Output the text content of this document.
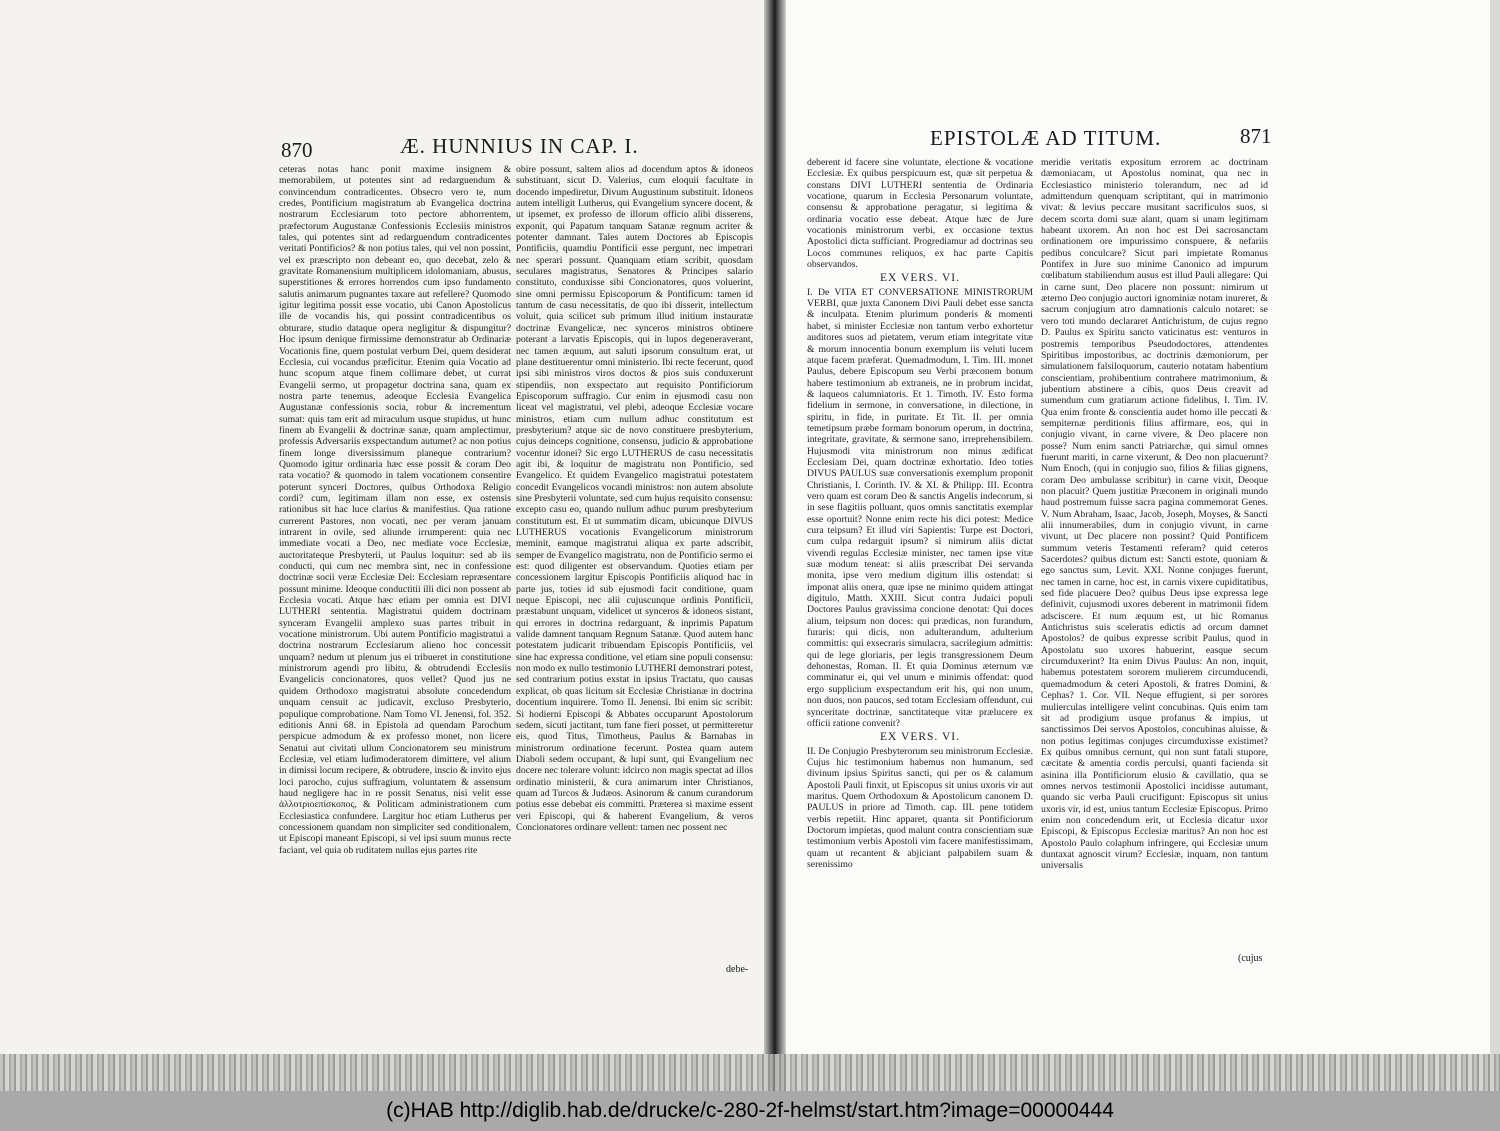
870	Æ. HUNNIUS IN CAP. I.

ceteras notas hanc ponit maxime insignem & memorabilem, ut potentes sint ad redarguendum & convincendum contradicentes. Obsecro vero te, num credes, Pontificium magistratum ab Evangelica doctrina nostrarum Ecclesiarum toto pectore abhorrentem, præfectorum Augustanæ Confessionis Ecclesiis ministros tales, qui potentes sint ad redarguendum contradicentes veritati Pontificios? & non potius tales, qui vel non possint, vel ex præscripto non debeant eo, quo decebat, zelo & gravitate Romanensium multiplicem idolomaniam, abusus, superstitiones & errores horrendos cum ipso fundamento salutis animarum pugnantes taxare aut refellere? Quomodo igitur legitima possit esse vocatio, ubi Canon Apostolicus ille de vocandis his, qui possint contradicentibus os obturare, studio dataque opera negligitur & dispungitur? Hoc ipsum denique firmissime demonstratur ab Ordinariæ Vocationis fine, quem postulat verbum Dei, quem desiderat Ecclesia, cui vocandus præficitur. Etenim quia Vocatio ad hunc scopum atque finem collimare debet, ut currat Evangelii sermo, ut propagetur doctrina sana, quam ex nostra parte tenemus, adeoque Ecclesia Evangelica Augustanæ confessionis socia, robur & incrementum sumat: quis tam erit ad miraculum usque stupidus, ut hunc finem ab Evangelii & doctrinæ sanæ, quam amplectimur, professis Adversariis exspectandum autumet? ac non potius finem longe diversissimum planeque contrarium? Quomodo igitur ordinaria hæc esse possit & coram Deo rata vocatio? & quomodo in talem vocationem consentire poterunt synceri Doctores, quibus Orthodoxa Religio cordi? cum, legitimam illam non esse, ex ostensis rationibus sit hac luce clarius & manifestius. Qua ratione currerent Pastores, non vocati, nec per veram januam intrarent in ovile, sed aliunde irrumperent: quia nec immediate vocati a Deo, nec mediate voce Ecclesiæ, auctoritateque Presbyterii, ut Paulus loquitur: sed ab iis conducti, qui cum nec membra sint, nec in confessione doctrinæ socii veræ Ecclesiæ Dei: Ecclesiam repræsentare possunt minime. Ideoque conductitii illi dici non possent ab Ecclesia vocati. Atque hæc etiam per omnia est DIVI LUTHERI sententia. Magistratui quidem doctrinam synceram Evangelii amplexo suas partes tribuit in vocatione ministrorum. Ubi autem Pontificio magistratui a doctrina nostrarum Ecclesiarum alieno hoc concessit unquam? nedum ut plenum jus ei tribueret in constitutione ministrorum agendi pro libitu, & obtrudendi Ecclesiis Evangelicis concionatores, quos vellet? Quod jus ne quidem Orthodoxo magistratui absolute concedendum unquam censuit ac judicavit, excluso Presbyterio, populique comprobatione. Nam Tomo VI. Jenensi, fol. 352. editionis Anni 68. in Epistola ad quendam Parochum perspicue admodum & ex professo monet, non licere Senatui aut civitati ullum Concionatorem seu ministrum Ecclesiæ, vel etiam ludimoderatorem dimittere, vel alium in dimissi locum recipere, & obtrudere, inscio & invito ejus loci parocho, cujus suffragium, voluntatem & assensum haud negligere hac in re possit Senatus, nisi velit esse ἀλλοτριοεπίσκοπος, & Politicam administrationem cum Ecclesiastica confundere. Largitur hoc etiam Lutherus per concessionem quandam non simpliciter sed conditionalem, ut Episcopi maneant Episcopi, si vel ipsi suum munus recte faciant, vel quia ob ruditatem nullas ejus partes rite

obire possunt, saltem alios ad docendum aptos & idoneos substituant, sicut D. Valerius, cum eloquii facultate in docendo impediretur, Divum Augustinum substituit. Idoneos autem intelligit Lutherus, qui Evangelium syncere docent, & ut ipsemet, ex professo de illorum officio alibi disserens, exponit, qui Papatum tanquam Satanæ regnum acriter & potenter damnant. Tales autem Doctores ab Episcopis Pontificiis, quamdiu Pontificii esse pergunt, nec impetrari nec sperari possunt. Quanquam etiam scribit, quosdam seculares magistratus, Senatores & Principes salario constituto, conduxisse sibi Concionatores, quos voluerint, sine omni permissu Episcoporum & Pontificum: tamen id tantum de casu necessitatis, de quo ibi disserit, intellectum voluit, quia scilicet sub primum illud initium instauratæ doctrinæ Evangelicæ, nec synceros ministros obtinere poterant a larvatis Episcopis, qui in lupos degeneraverant, nec tamen æquum, aut saluti ipsorum consultum erat, ut plane destituerentur omni ministerio. Ibi recte fecerunt, quod ipsi sibi ministros viros doctos & pios suis conduxerunt stipendiis, non exspectato aut requisito Pontificiorum Episcoporum suffragio. Cur enim in ejusmodi casu non liceat vel magistratui, vel plebi, adeoque Ecclesiæ vocare ministros, etiam cum nullum adhuc constitutum est presbyterium? atque sic de novo constituere presbyterium, cujus deinceps cognitione, consensu, judicio & approbatione vocentur idonei? Sic ergo LUTHERUS de casu necessitatis agit ibi, & loquitur de magistratu non Pontificio, sed Evangelico. Et quidem Evangelico magistratui potestatem concedit Evangelicos vocandi ministros: non autem absolute sine Presbyterii voluntate, sed cum hujus requisito consensu: excepto casu eo, quando nullum adhuc purum presbyterium constitutum est. Et ut summatim dicam, ubicunque DIVUS LUTHERUS vocationis Evangelicorum ministrorum meminit, eamque magistratui aliqua ex parte adscribit, semper de Evangelico magistratu, non de Pontificio sermo ei est: quod diligenter est observandum. Quoties etiam per concessionem largitur Episcopis Pontificiis aliquod hac in parte jus, toties id sub ejusmodi facit conditione, quam neque Episcopi, nec alii cujuscunque ordinis Pontificii, præstabunt unquam, videlicet ut synceros & idoneos sistant, qui errores in doctrina redarguant, & inprimis Papatum valide damnent tanquam Regnum Satanæ. Quod autem hanc potestatem judicarit tribuendam Episcopis Pontificiis, vel sine hac expressa conditione, vel etiam sine populi consensu: non modo ex nullo testimonio LUTHERI demonstrari potest, sed contrarium potius exstat in ipsius Tractatu, quo causas explicat, ob quas licitum sit Ecclesiæ Christianæ in doctrina docentium inquirere. Tomo II. Jenensi. Ibi enim sic scribit: Si hodierni Episcopi & Abbates occuparunt Apostolorum sedem, sicuti jactitant, tum fane fieri posset, ut permitteretur eis, quod Titus, Timotheus, Paulus & Barnabas in ministrorum ordinatione fecerunt. Postea quam autem Diaboli sedem occupant, & lupi sunt, qui Evangelium nec docere nec tolerare volunt: idcirco non magis spectat ad illos ordinatio ministerii, & cura animarum inter Christianos, quam ad Turcos & Judæos. Asinorum & canum curandorum potius esse debebat eis committi. Præterea si maxime essent veri Episcopi, qui & haberent Evangelium, & veros Concionatores ordinare vellent: tamen nec possent nec

debe-
EPISTOLÆ AD TITUM.	871

deberent id facere sine voluntate, electione & vocatione Ecclesiæ. Ex quibus perspicuum est, quæ sit perpetua & constans DIVI LUTHERI sententia de Ordinaria vocatione, quarum in Ecclesia Personarum voluntate, consensu & approbatione peragatur, si legitima & ordinaria vocatio esse debeat. Atque hæc de Jure vocationis ministrorum verbi, ex occasione textus Apostolici dicta sufficiant. Progrediamur ad doctrinas seu Locos communes reliquos, ex hac parte Capitis observandos.

EX VERS. VI.

I. De VITA ET CONVERSATIONE MINISTRORUM VERBI, quæ juxta Canonem Divi Pauli debet esse sancta & inculpata. Etenim plurimum ponderis & momenti habet, si minister Ecclesiæ non tantum verbo exhortetur auditores suos ad pietatem, verum etiam integritate vitæ & morum innocentia bonum exemplum iis veluti lucem atque facem præferat. Quemadmodum, I. Tim. III. monet Paulus, debere Episcopum seu Verbi præconem bonum habere testimonium ab extraneis, ne in probrum incidat, & laqueos calumniatoris. Et 1. Timoth. IV. Esto forma fidelium in sermone, in conversatione, in dilectione, in spiritu, in fide, in puritate. Et Tit. II. per omnia temetipsum præbe formam bonorum operum, in doctrina, integritate, gravitate, & sermone sano, irreprehensibilem. Hujusmodi vita ministrorum non minus ædificat Ecclesiam Dei, quam doctrinæ exhortatio. Ideo toties DIVUS PAULUS suæ conversationis exemplum proponit Christianis, I. Corinth. IV. & XI. & Philipp. III. Econtra vero quam est coram Deo & sanctis Angelis indecorum, si in sese flagitiis polluant, quos omnis sanctitatis exemplar esse oportuit? Nonne enim recte his dici potest: Medice cura teipsum? Et illud viri Sapientis: Turpe est Doctori, cum culpa redarguit ipsum? si nimirum aliis dictat vivendi regulas Ecclesiæ minister, nec tamen ipse vitæ suæ modum teneat: si aliis præscribat Dei servanda monita, ipse vero medium digitum illis ostendat: si imponat aliis onera, quæ ipse ne minimo quidem attingat digitulo, Matth. XXIII. Sicut contra Judaici populi Doctores Paulus gravissima concione denotat: Qui doces alium, teipsum non doces: qui prædicas, non furandum, furaris: qui dicis, non adulterandum, adulterium committis: qui exsecraris simulacra, sacrilegium admittis: qui de lege gloriaris, per legis transgressionem Deum dehonestas, Roman. II. Et quia Dominus æternum væ comminatur ei, qui vel unum e minimis offendat: quod ergo supplicium exspectandum erit his, qui non unum, non duos, non paucos, sed totam Ecclesiam offendunt, cui synceritate doctrinæ, sanctitateque vitæ prælucere ex officii ratione convenit?

EX VERS. VI.

II. De Conjugio Presbyterorum seu ministrorum Ecclesiæ. Cujus hic testimonium habemus non humanum, sed divinum ipsius Spiritus sancti, qui per os & calamum Apostoli Pauli finxit, ut Episcopus sit unius uxoris vir aut maritus. Quem Orthodoxum & Apostolicum canonem D. PAULUS in priore ad Timoth. cap. III. pene totidem verbis repetiit. Hinc apparet, quanta sit Pontificiorum Doctorum impietas, quod malunt contra conscientiam suæ testimonium verbis Apostoli vim facere manifestissimam, quam ut recantent & abjiciant palpabilem suam & serenissimo

meridie veritatis expositum errorem ac doctrinam dæmoniacam, ut Apostolus nominat, qua nec in Ecclesiastico ministerio tolerandum, nec ad id admittendum quenquam scriptitant, qui in matrimonio vivat: & levius peccare musitant sacrificulos suos, si decem scorta domi suæ alant, quam si unam legitimam habeant uxorem. An non hoc est Dei sacrosanctam ordinationem ore impurissimo conspuere, & nefariis pedibus conculcare? Sicut pari impietate Romanus Pontifex in Jure suo minime Canonico ad impurum cœlibatum stabiliendum ausus est illud Pauli allegare: Qui in carne sunt, Deo placere non possunt: nimirum ut æterno Deo conjugio auctori ignominiæ notam inureret, & sacrum conjugium atro damnationis calculo notaret: se vero toti mundo declararet Antichristum, de cujus regno D. Paulus ex Spiritu sancto vaticinatus est: venturos in postremis temporibus Pseudodoctores, attendentes Spiritibus impostoribus, ac doctrinis dæmoniorum, per simulationem falsiloquorum, cauterio notatam habentium conscientiam, prohibentium contrahere matrimonium, & jubentium abstinere a cibis, quos Deus creavit ad sumendum cum gratiarum actione fidelibus, I. Tim. IV. Qua enim fronte & conscientia audet homo ille peccati & sempiternæ perditionis filius affirmare, eos, qui in conjugio vivant, in carne vivere, & Deo placere non posse? Num enim sancti Patriarchæ, qui simul omnes fuerunt mariti, in carne vixerunt, & Deo non placuerunt? Num Enoch, (qui in conjugio suo, filios & filias gignens, coram Deo ambulasse scribitur) in carne vixit, Deoque non placuit? Quem justitiæ Præconem in originali mundo haud postremum fuisse sacra pagina commemorat Genes. V. Num Abraham, Isaac, Jacob, Joseph, Moyses, & Sancti alii innumerabiles, dum in conjugio vivunt, in carne vivunt, ut Dec placere non possint? Quid Pontificem summum veteris Testamenti referam? quid ceteros Sacerdotes? quibus dictum est: Sancti estote, quoniam & ego sanctus sum, Levit. XXI. Nonne conjuges fuerunt, nec tamen in carne, hoc est, in carnis vixere cupiditatibus, sed fide placuere Deo? quibus Deus ipse expressa lege definivit, cujusmodi uxores deberent in matrimonii fidem adsciscere. Et num æquum est, ut hic Romanus Antichristus suis sceleratis edictis ad orcum damnet Apostolos? de quibus expresse scribit Paulus, quod in Apostolatu suo uxores habuerint, easque secum circumduxerint? Ita enim Divus Paulus: An non, inquit, habemus potestatem sororem mulierem circumducendi, quemadmodum & ceteri Apostoli, & fratres Domini, & Cephas? 1. Cor. VII. Neque effugient, si per sorores mulierculas intelligere velint concubinas. Quis enim tam sit ad prodigium usque profanus & impius, ut sanctissimos Dei servos Apostolos, concubinas aluisse, & non potius legitimas conjuges circumduxisse existimet? Ex quibus omnibus cernunt, qui non sunt fatali stupore, cæcitate & amentia cordis perculsi, quanti facienda sit asinina illa Pontificiorum elusio & cavillatio, qua se omnes nervos testimonii Apostolici incidisse autumant, quando sic verba Pauli crucifigunt: Episcopus sit unius uxoris vir, id est, unius tantum Ecclesiæ Episcopus. Primo enim non concedendum erit, ut Ecclesia dicatur uxor Episcopi, & Episcopus Ecclesiæ maritus? An non hoc est Apostolo Paulo colaphum infringere, qui Ecclesiæ unum duntaxat agnoscit virum? Ecclesiæ, inquam, non tantum universalis

(cujus
(c)HAB http://diglib.hab.de/drucke/c-280-2f-helmst/start.htm?image=00000444
